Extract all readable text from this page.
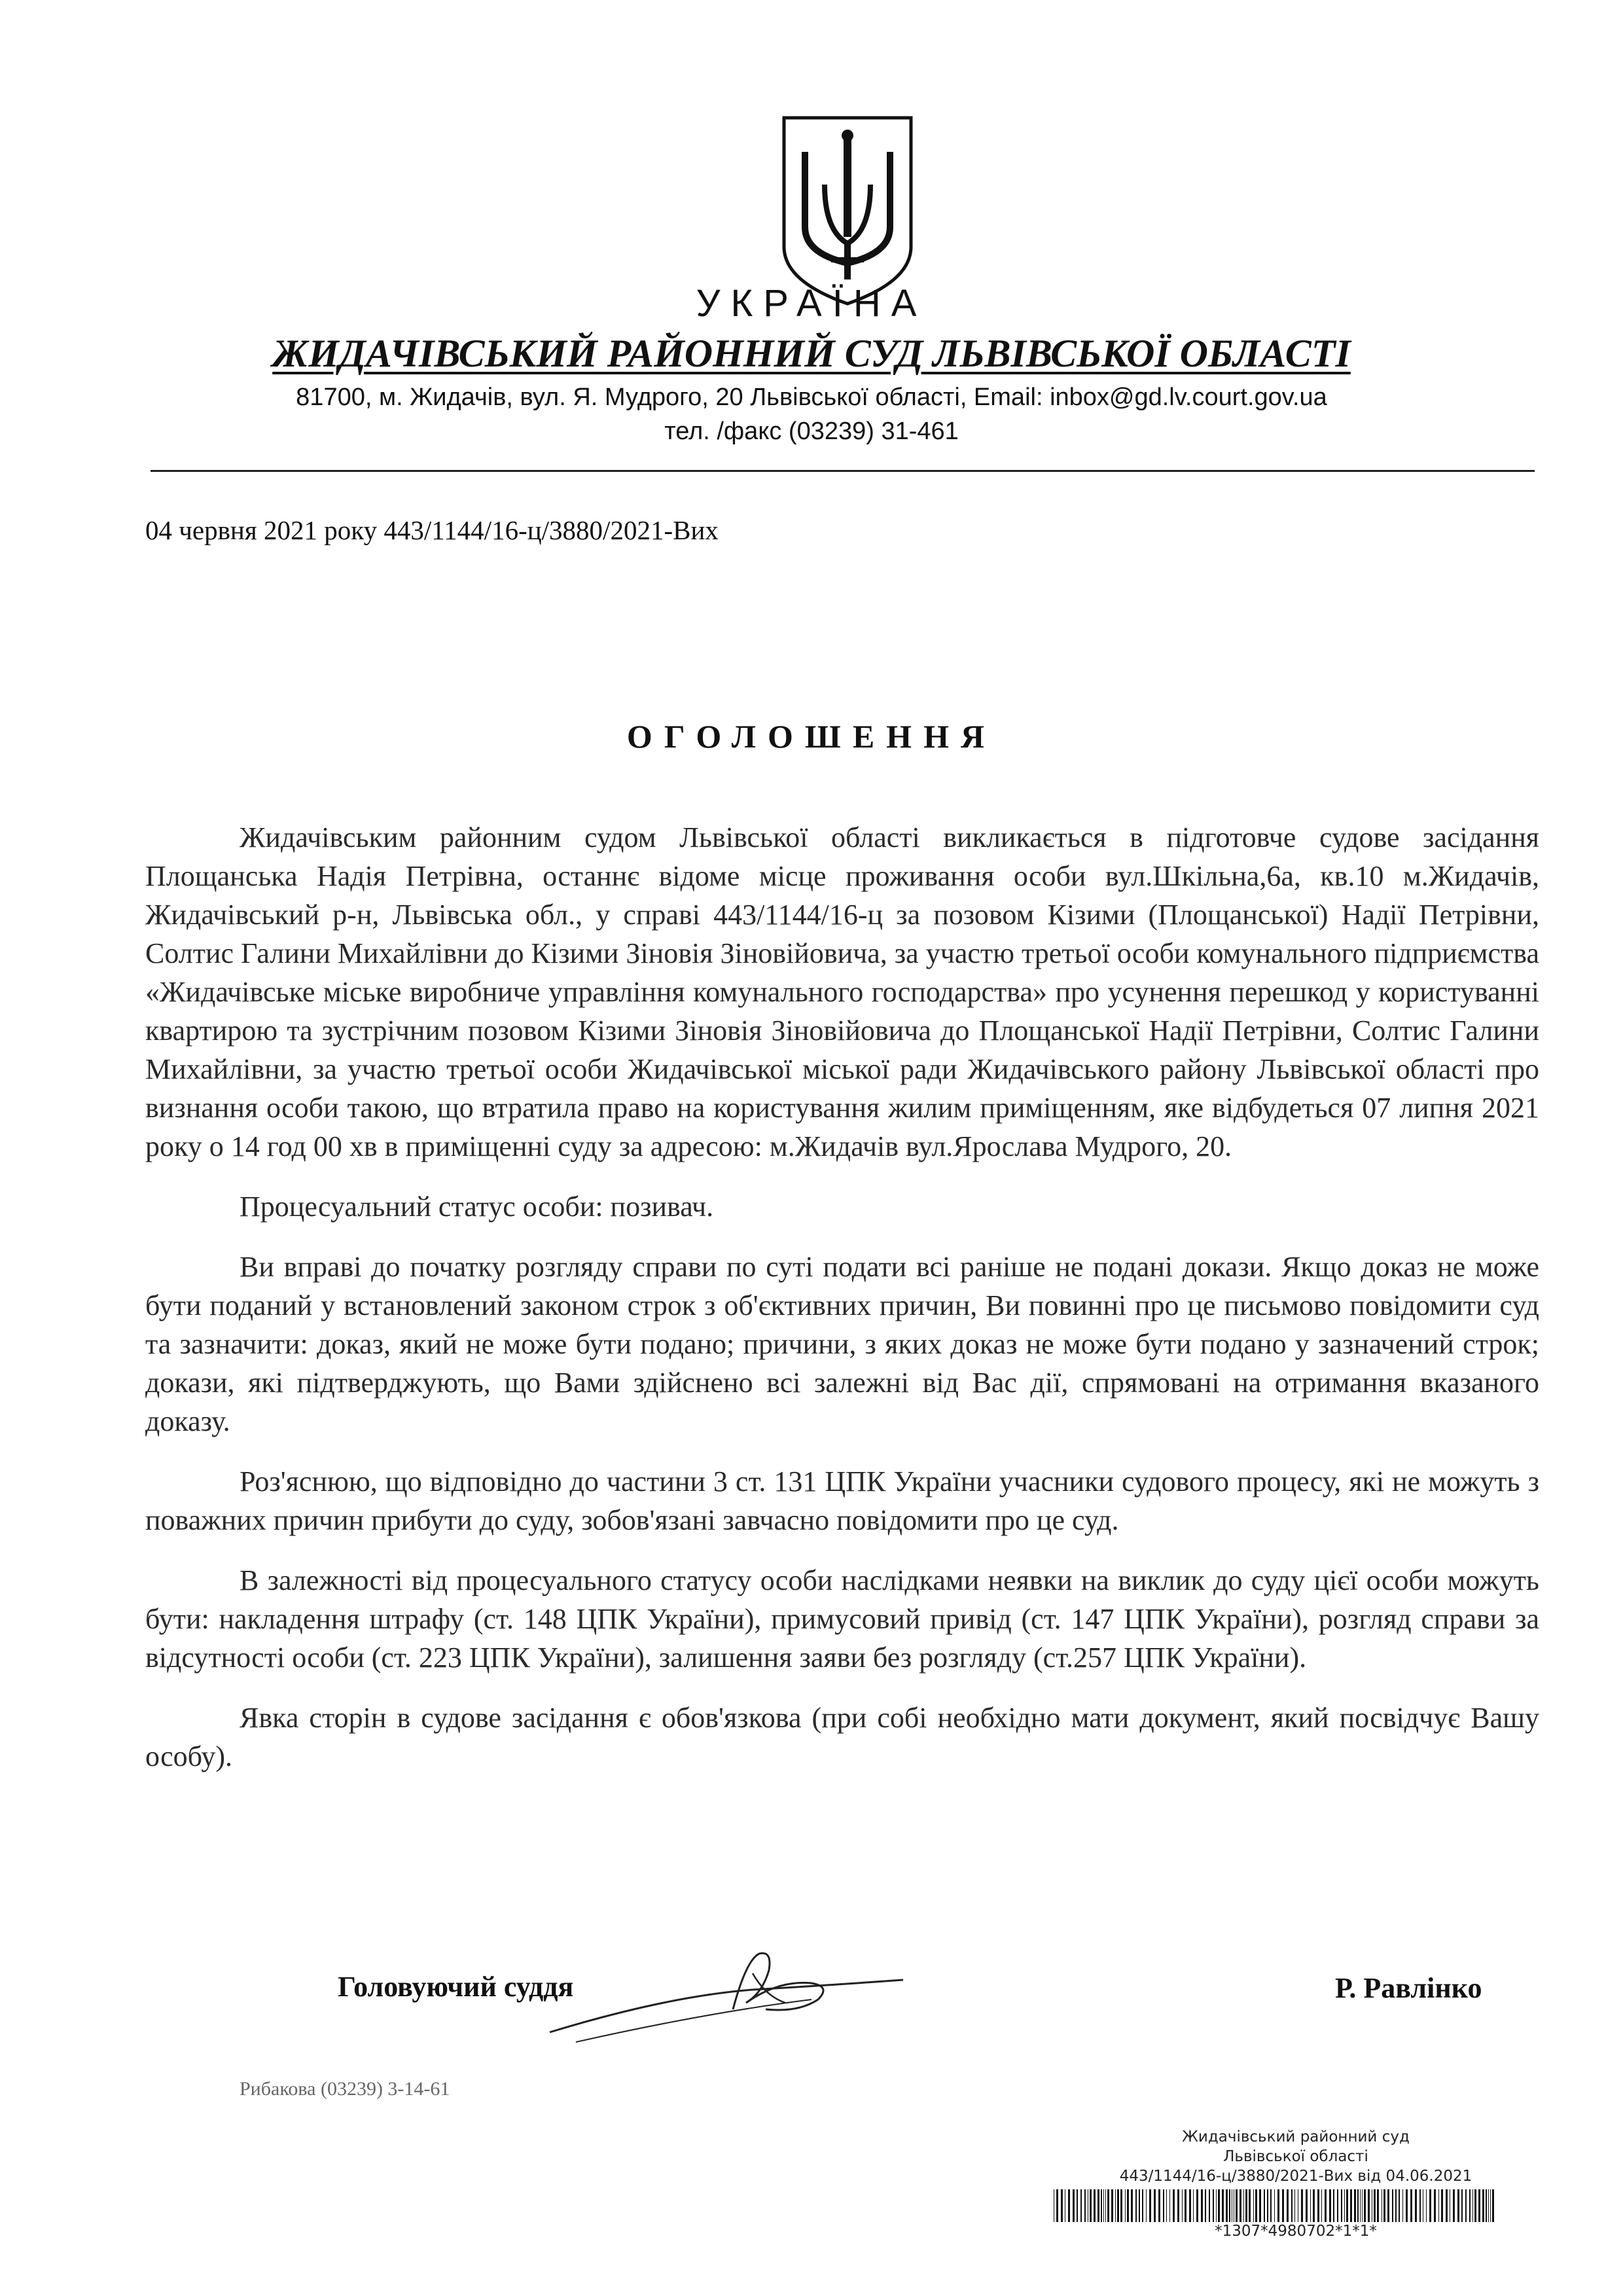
УКРАЇНА
ЖИДАЧІВСЬКИЙ РАЙОННИЙ СУД ЛЬВІВСЬКОЇ ОБЛАСТІ
81700, м. Жидачів, вул. Я. Мудрого, 20 Львівської області, Email: inbox@gd.lv.court.gov.ua
тел. /факс (03239) 31-461
04 червня 2021 року 443/1144/16-ц/3880/2021-Вих
ОГОЛОШЕННЯ

Жидачівським районним судом Львівської області викликається в підготовче судове засідання Площанська Надія Петрівна, останнє відоме місце проживання особи вул.Шкільна,6а, кв.10 м.Жидачів, Жидачівський р-н, Львівська обл., у справі 443/1144/16-ц за позовом Кізими (Площанської) Надії Петрівни, Солтис Галини Михайлівни до Кізими Зіновія Зіновійовича, за участю третьої особи комунального підприємства «Жидачівське міське виробниче управління комунального господарства» про усунення перешкод у користуванні квартирою та зустрічним позовом Кізими Зіновія Зіновійовича до Площанської Надії Петрівни, Солтис Галини Михайлівни, за участю третьої особи Жидачівської міської ради Жидачівського району Львівської області про визнання особи такою, що втратила право на користування жилим приміщенням, яке відбудеться 07 липня 2021 року о 14 год 00 хв в приміщенні суду за адресою: м.Жидачів вул.Ярослава Мудрого, 20.

Процесуальний статус особи: позивач.

Ви вправі до початку розгляду справи по суті подати всі раніше не подані докази. Якщо доказ не може бути поданий у встановлений законом строк з об'єктивних причин, Ви повинні про це письмово повідомити суд та зазначити: доказ, який не може бути подано; причини, з яких доказ не може бути подано у зазначений строк; докази, які підтверджують, що Вами здійснено всі залежні від Вас дії, спрямовані на отримання вказаного доказу.

Роз'яснюю, що відповідно до частини 3 ст. 131 ЦПК України учасники судового процесу, які не можуть з поважних причин прибути до суду, зобов'язані завчасно повідомити про це суд.

В залежності від процесуального статусу особи наслідками неявки на виклик до суду цієї особи можуть бути: накладення штрафу (ст. 148 ЦПК України), примусовий привід (ст. 147 ЦПК України), розгляд справи за відсутності особи (ст. 223 ЦПК України), залишення заяви без розгляду (ст.257 ЦПК України).

Явка сторін в судове засідання є обов'язкова (при собі необхідно мати документ, який посвідчує Вашу особу).

Головуючий суддя	Р. Равлінко
Рибакова (03239) 3-14-61
Жидачівський районний суд
Львівської області
443/1144/16-ц/3880/2021-Вих від 04.06.2021
*1307*4980702*1*1*
